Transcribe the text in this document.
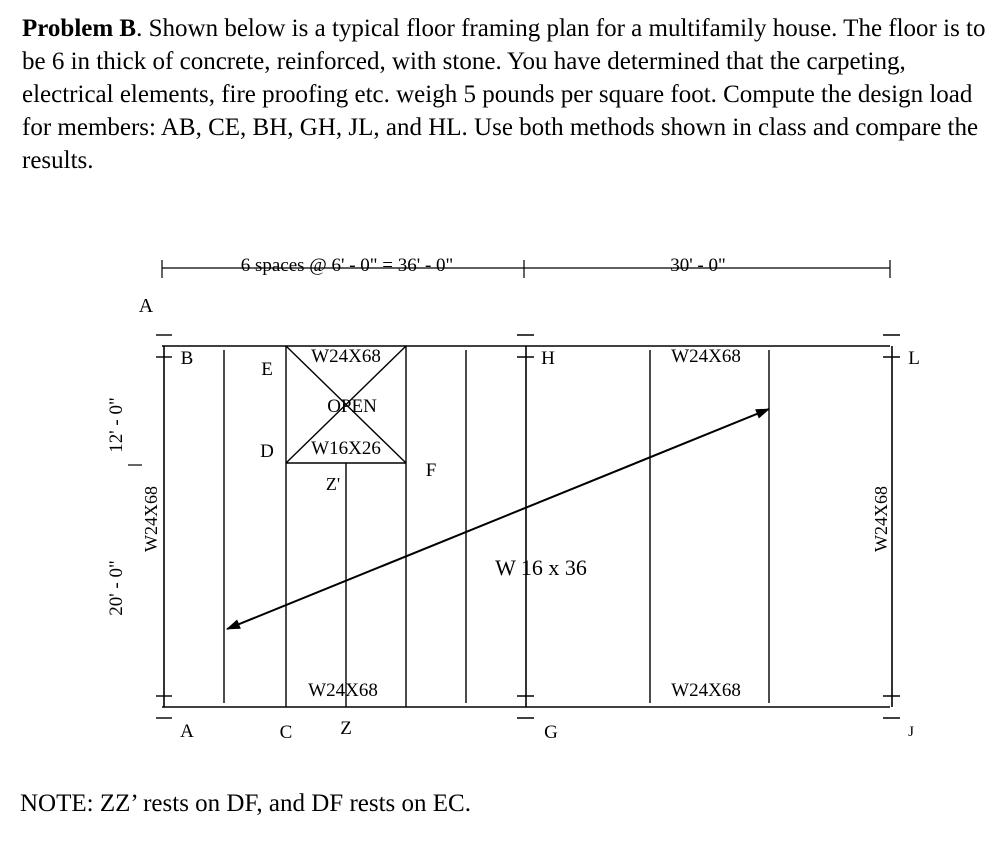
Problem B. Shown below is a typical floor framing plan for a multifamily house. The floor is to be 6 in thick of concrete, reinforced, with stone. You have determined that the carpeting, electrical elements, fire proofing etc. weigh 5 pounds per square foot. Compute the design load for members: AB, CE, BH, GH, JL, and HL. Use both methods shown in class and compare the results.

6 spaces @ 6' - 0" = 36' - 0"	30' - 0"
12' - 0"
20' - 0"
A
B
E
D
F
H	L
A	C	Z	G	J
Z'
W24X68
OPEN
W16X26
W24X68
W24X68
W24X68
W 16 x 36
W24X68	W24X68

NOTE: ZZ’ rests on DF, and DF rests on EC.
